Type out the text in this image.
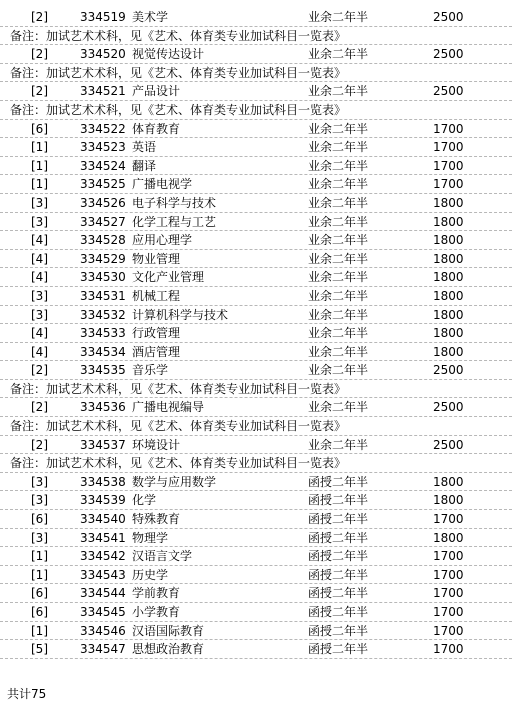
[2]	334519 美术学	业余二年半	2500
备注：加试艺术术科，见《艺术、体育类专业加试科目一览表》
[2]	334520 视觉传达设计	业余二年半	2500
备注：加试艺术术科，见《艺术、体育类专业加试科目一览表》
[2]	334521 产品设计	业余二年半	2500
备注：加试艺术术科，见《艺术、体育类专业加试科目一览表》
[6]	334522 体育教育	业余二年半	1700
[1]	334523 英语	业余二年半	1700
[1]	334524 翻译	业余二年半	1700
[1]	334525 广播电视学	业余二年半	1700
[3]	334526 电子科学与技术	业余二年半	1800
[3]	334527 化学工程与工艺	业余二年半	1800
[4]	334528 应用心理学	业余二年半	1800
[4]	334529 物业管理	业余二年半	1800
[4]	334530 文化产业管理	业余二年半	1800
[3]	334531 机械工程	业余二年半	1800
[3]	334532 计算机科学与技术	业余二年半	1800
[4]	334533 行政管理	业余二年半	1800
[4]	334534 酒店管理	业余二年半	1800
[2]	334535 音乐学	业余二年半	2500
备注：加试艺术术科，见《艺术、体育类专业加试科目一览表》
[2]	334536 广播电视编导	业余二年半	2500
备注：加试艺术术科，见《艺术、体育类专业加试科目一览表》
[2]	334537 环境设计	业余二年半	2500
备注：加试艺术术科，见《艺术、体育类专业加试科目一览表》
[3]	334538 数学与应用数学	函授二年半	1800
[3]	334539 化学	函授二年半	1800
[6]	334540 特殊教育	函授二年半	1700
[3]	334541 物理学	函授二年半	1800
[1]	334542 汉语言文学	函授二年半	1700
[1]	334543 历史学	函授二年半	1700
[6]	334544 学前教育	函授二年半	1700
[6]	334545 小学教育	函授二年半	1700
[1]	334546 汉语国际教育	函授二年半	1700
[5]	334547 思想政治教育	函授二年半	1700
共计75
